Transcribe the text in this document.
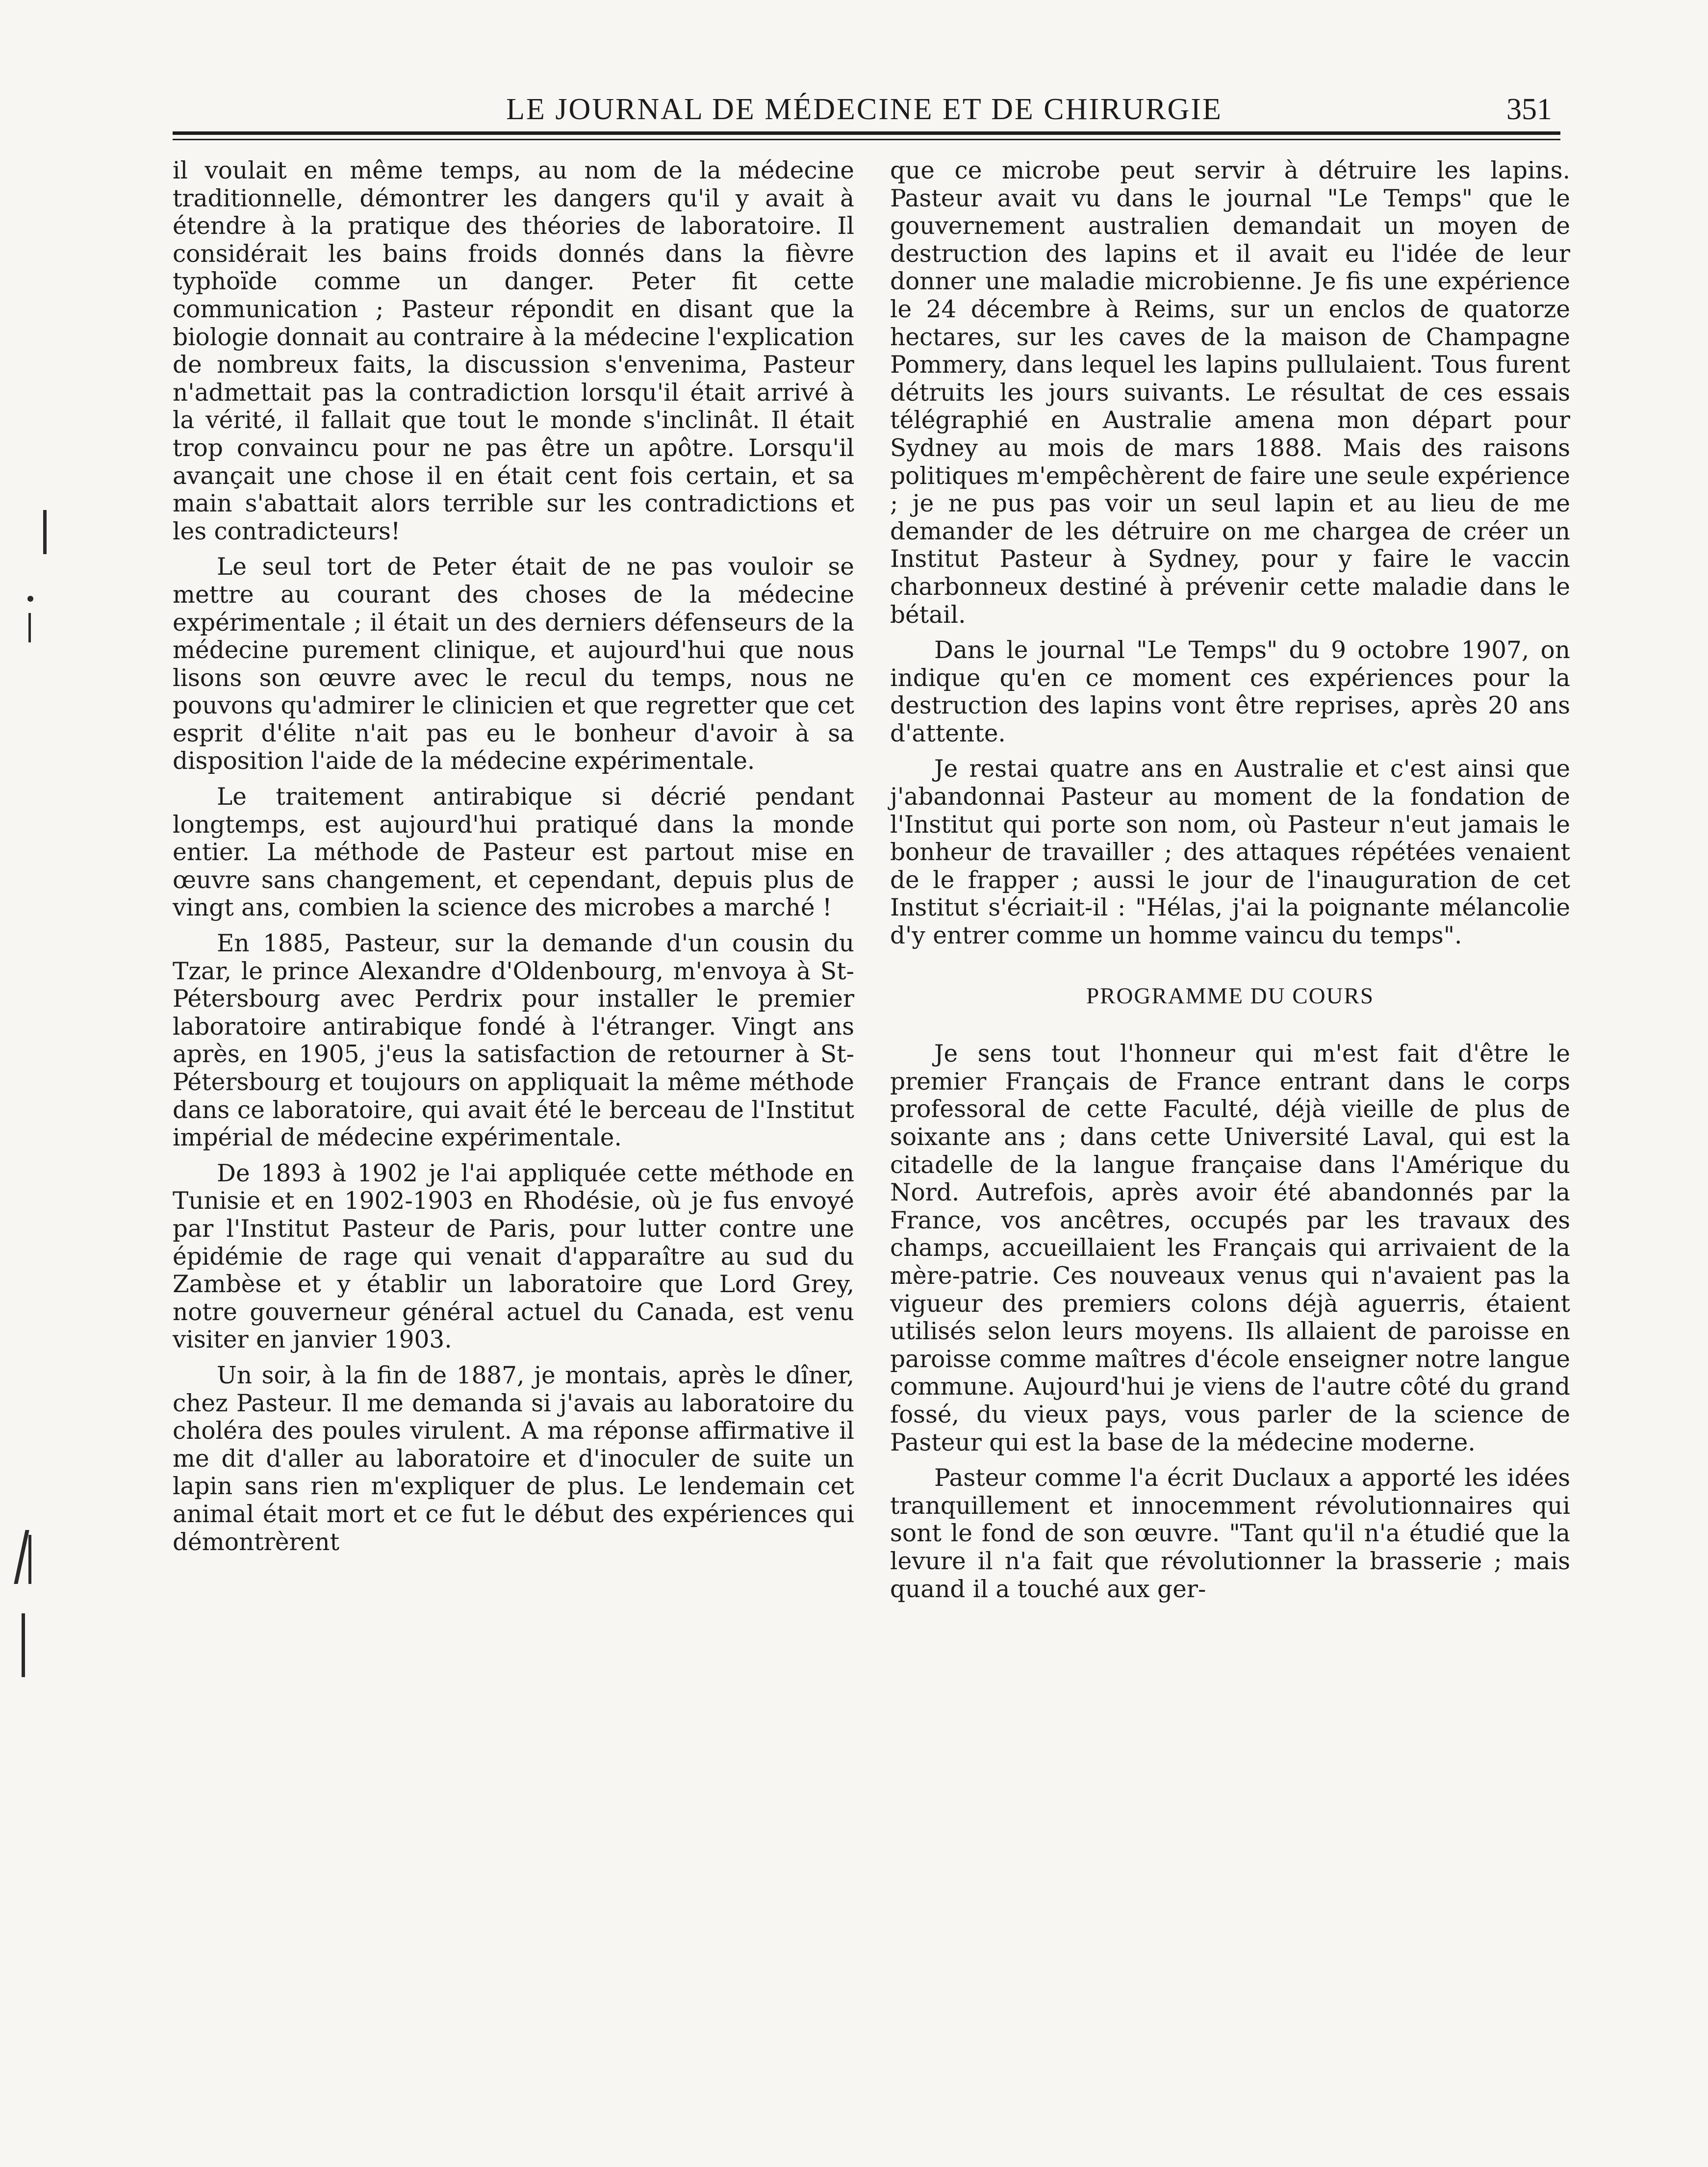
LE JOURNAL DE MÉDECINE ET DE CHIRURGIE	351

il voulait en même temps, au nom de la médecine traditionnelle, démontrer les dangers qu'il y avait à étendre à la pratique des théories de laboratoire. Il considérait les bains froids donnés dans la fièvre typhoïde comme un danger. Peter fit cette communication ; Pasteur répondit en disant que la biologie donnait au contraire à la médecine l'explication de nombreux faits, la discussion s'envenima, Pasteur n'admettait pas la contradiction lorsqu'il était arrivé à la vérité, il fallait que tout le monde s'inclinât. Il était trop convaincu pour ne pas être un apôtre. Lorsqu'il avançait une chose il en était cent fois certain, et sa main s'abattait alors terrible sur les contradictions et les contradicteurs!

Le seul tort de Peter était de ne pas vouloir se mettre au courant des choses de la médecine expérimentale ; il était un des derniers défenseurs de la médecine purement clinique, et aujourd'hui que nous lisons son œuvre avec le recul du temps, nous ne pouvons qu'admirer le clinicien et que regretter que cet esprit d'élite n'ait pas eu le bonheur d'avoir à sa disposition l'aide de la médecine expérimentale.

Le traitement antirabique si décrié pendant longtemps, est aujourd'hui pratiqué dans la monde entier. La méthode de Pasteur est partout mise en œuvre sans changement, et cependant, depuis plus de vingt ans, combien la science des microbes a marché !

En 1885, Pasteur, sur la demande d'un cousin du Tzar, le prince Alexandre d'Oldenbourg, m'envoya à St-Pétersbourg avec Perdrix pour installer le premier laboratoire antirabique fondé à l'étranger. Vingt ans après, en 1905, j'eus la satisfaction de retourner à St-Pétersbourg et toujours on appliquait la même méthode dans ce laboratoire, qui avait été le berceau de l'Institut impérial de médecine expérimentale.

De 1893 à 1902 je l'ai appliquée cette méthode en Tunisie et en 1902-1903 en Rhodésie, où je fus envoyé par l'Institut Pasteur de Paris, pour lutter contre une épidémie de rage qui venait d'apparaître au sud du Zambèse et y établir un laboratoire que Lord Grey, notre gouverneur général actuel du Canada, est venu visiter en janvier 1903.

Un soir, à la fin de 1887, je montais, après le dîner, chez Pasteur. Il me demanda si j'avais au laboratoire du choléra des poules virulent. A ma réponse affirmative il me dit d'aller au laboratoire et d'inoculer de suite un lapin sans rien m'expliquer de plus. Le lendemain cet animal était mort et ce fut le début des expériences qui démontrèrent

que ce microbe peut servir à détruire les lapins. Pasteur avait vu dans le journal "Le Temps" que le gouvernement australien demandait un moyen de destruction des lapins et il avait eu l'idée de leur donner une maladie microbienne. Je fis une expérience le 24 décembre à Reims, sur un enclos de quatorze hectares, sur les caves de la maison de Champagne Pommery, dans lequel les lapins pullulaient. Tous furent détruits les jours suivants. Le résultat de ces essais télégraphié en Australie amena mon départ pour Sydney au mois de mars 1888. Mais des raisons politiques m'empêchèrent de faire une seule expérience ; je ne pus pas voir un seul lapin et au lieu de me demander de les détruire on me chargea de créer un Institut Pasteur à Sydney, pour y faire le vaccin charbonneux destiné à prévenir cette maladie dans le bétail.

Dans le journal "Le Temps" du 9 octobre 1907, on indique qu'en ce moment ces expériences pour la destruction des lapins vont être reprises, après 20 ans d'attente.

Je restai quatre ans en Australie et c'est ainsi que j'abandonnai Pasteur au moment de la fondation de l'Institut qui porte son nom, où Pasteur n'eut jamais le bonheur de travailler ; des attaques répétées venaient de le frapper ; aussi le jour de l'inauguration de cet Institut s'écriait-il : "Hélas, j'ai la poignante mélancolie d'y entrer comme un homme vaincu du temps".

PROGRAMME DU COURS

Je sens tout l'honneur qui m'est fait d'être le premier Français de France entrant dans le corps professoral de cette Faculté, déjà vieille de plus de soixante ans ; dans cette Université Laval, qui est la citadelle de la langue française dans l'Amérique du Nord. Autrefois, après avoir été abandonnés par la France, vos ancêtres, occupés par les travaux des champs, accueillaient les Français qui arrivaient de la mère-patrie. Ces nouveaux venus qui n'avaient pas la vigueur des premiers colons déjà aguerris, étaient utilisés selon leurs moyens. Ils allaient de paroisse en paroisse comme maîtres d'école enseigner notre langue commune. Aujourd'hui je viens de l'autre côté du grand fossé, du vieux pays, vous parler de la science de Pasteur qui est la base de la médecine moderne.

Pasteur comme l'a écrit Duclaux a apporté les idées tranquillement et innocemment révolutionnaires qui sont le fond de son œuvre. "Tant qu'il n'a étudié que la levure il n'a fait que révolutionner la brasserie ; mais quand il a touché aux ger-
